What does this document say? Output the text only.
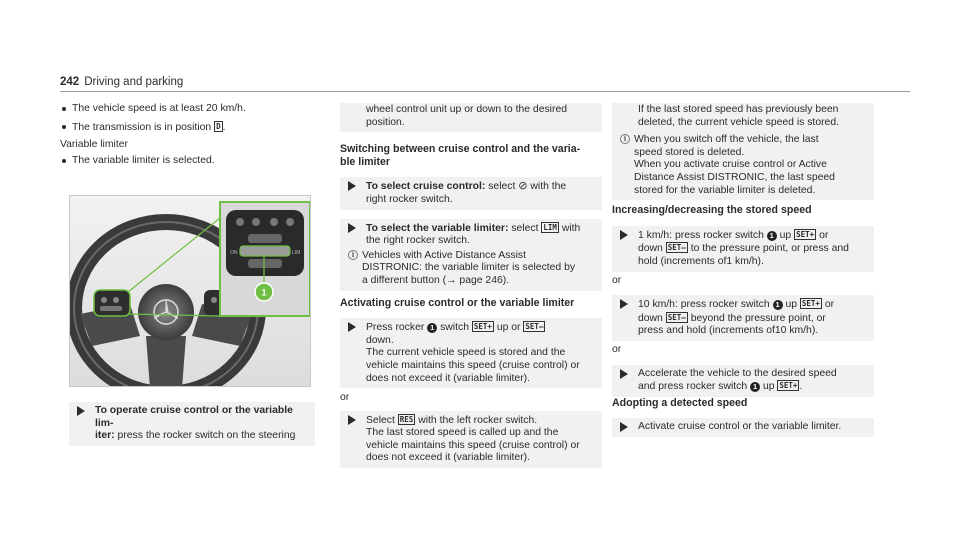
242 Driving and parking
The vehicle speed is at least 20 km/h.
The transmission is in position D .
Variable limiter
The variable limiter is selected.
ON	LIM
1
To operate cruise control or the variable lim-
iter: press the rocker switch on the steering
wheel control unit up or down to the desired
position.
Switching between cruise control and the varia-
ble limiter
To select cruise control: select ⊘ with the
right rocker switch.
To select the variable limiter: select LIM with
the right rocker switch.
i Vehicles with Active Distance Assist
DISTRONIC: the variable limiter is selected by
a different button (→ page 246).
Activating cruise control or the variable limiter
Press rocker 1 switch SET+ up or SET–
down.
The current vehicle speed is stored and the
vehicle maintains this speed (cruise control) or
does not exceed it (variable limiter).
or
Select RES with the left rocker switch.
The last stored speed is called up and the
vehicle maintains this speed (cruise control) or
does not exceed it (variable limiter).
If the last stored speed has previously been
deleted, the current vehicle speed is stored.
i When you switch off the vehicle, the last
speed stored is deleted.
When you activate cruise control or Active
Distance Assist DISTRONIC, the last speed
stored for the variable limiter is deleted.
Increasing/decreasing the stored speed
1 km/h: press rocker switch 1 up SET+ or
down SET– to the pressure point, or press and
hold (increments of1 km/h).
or
10 km/h: press rocker switch 1 up SET+ or
down SET– beyond the pressure point, or
press and hold (increments of10 km/h).
or
Accelerate the vehicle to the desired speed
and press rocker switch 1 up SET+ .
Adopting a detected speed
Activate cruise control or the variable limiter.
